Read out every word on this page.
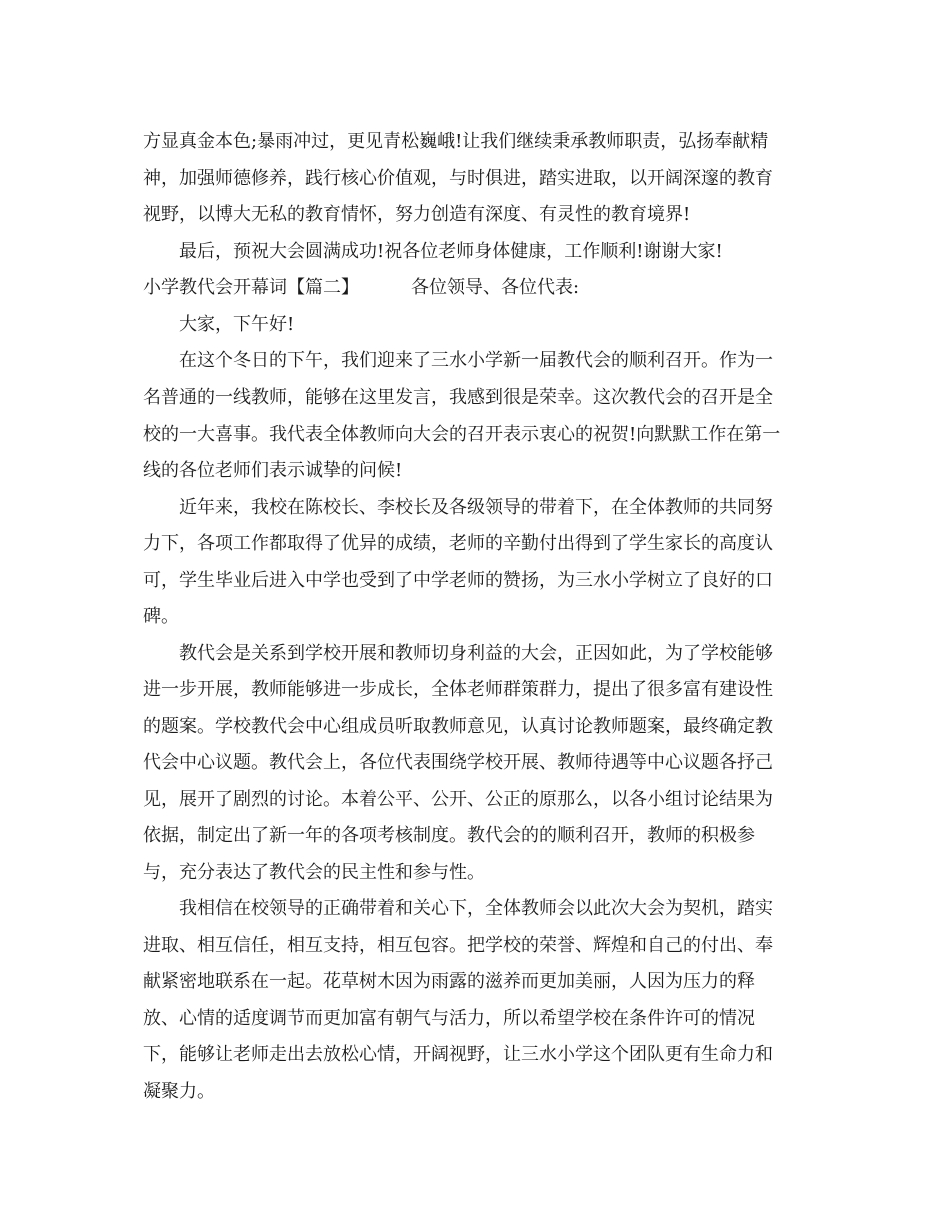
方显真金本色;暴雨冲过，更见青松巍峨!让我们继续秉承教师职责，弘扬奉献精
神，加强师德修养，践行核心价值观，与时俱进，踏实进取，以开阔深邃的教育
视野，以博大无私的教育情怀，努力创造有深度、有灵性的教育境界!
最后，预祝大会圆满成功!祝各位老师身体健康，工作顺利!谢谢大家!
小学教代会开幕词【篇二】	各位领导、各位代表:
大家，下午好!
在这个冬日的下午，我们迎来了三水小学新一届教代会的顺利召开。作为一
名普通的一线教师，能够在这里发言，我感到很是荣幸。这次教代会的召开是全
校的一大喜事。我代表全体教师向大会的召开表示衷心的祝贺!向默默工作在第一
线的各位老师们表示诚挚的问候!
近年来，我校在陈校长、李校长及各级领导的带着下，在全体教师的共同努
力下，各项工作都取得了优异的成绩，老师的辛勤付出得到了学生家长的高度认
可，学生毕业后进入中学也受到了中学老师的赞扬，为三水小学树立了良好的口
碑。
教代会是关系到学校开展和教师切身利益的大会，正因如此，为了学校能够
进一步开展，教师能够进一步成长，全体老师群策群力，提出了很多富有建设性
的题案。学校教代会中心组成员听取教师意见，认真讨论教师题案，最终确定教
代会中心议题。教代会上，各位代表围绕学校开展、教师待遇等中心议题各抒己
见，展开了剧烈的讨论。本着公平、公开、公正的原那么，以各小组讨论结果为
依据，制定出了新一年的各项考核制度。教代会的的顺利召开，教师的积极参
与，充分表达了教代会的民主性和参与性。
我相信在校领导的正确带着和关心下，全体教师会以此次大会为契机，踏实
进取、相互信任，相互支持，相互包容。把学校的荣誉、辉煌和自己的付出、奉
献紧密地联系在一起。花草树木因为雨露的滋养而更加美丽，人因为压力的释
放、心情的适度调节而更加富有朝气与活力，所以希望学校在条件许可的情况
下，能够让老师走出去放松心情，开阔视野，让三水小学这个团队更有生命力和
凝聚力。
